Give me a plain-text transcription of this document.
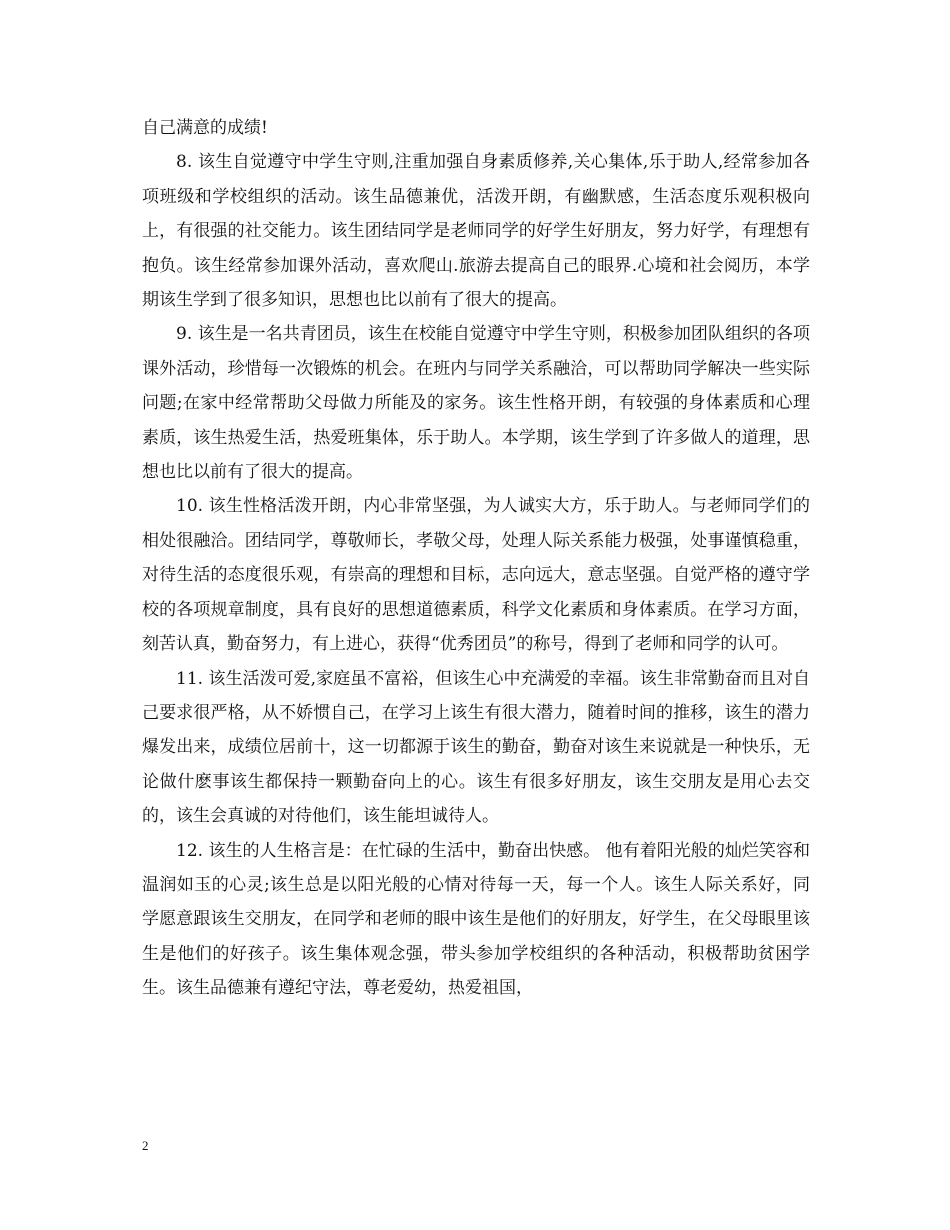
自己满意的成绩!

8. 该生自觉遵守中学生守则,注重加强自身素质修养,关心集体,乐于助人,经常参加各项班级和学校组织的活动。该生品德兼优，活泼开朗，有幽默感，生活态度乐观积极向上，有很强的社交能力。该生团结同学是老师同学的好学生好朋友，努力好学，有理想有抱负。该生经常参加课外活动，喜欢爬山.旅游去提高自己的眼界.心境和社会阅历，本学期该生学到了很多知识，思想也比以前有了很大的提高。

9. 该生是一名共青团员，该生在校能自觉遵守中学生守则，积极参加团队组织的各项课外活动，珍惜每一次锻炼的机会。在班内与同学关系融洽，可以帮助同学解决一些实际问题;在家中经常帮助父母做力所能及的家务。该生性格开朗，有较强的身体素质和心理素质，该生热爱生活，热爱班集体，乐于助人。本学期，该生学到了许多做人的道理，思想也比以前有了很大的提高。

10. 该生性格活泼开朗，内心非常坚强，为人诚实大方，乐于助人。与老师同学们的相处很融洽。团结同学，尊敬师长，孝敬父母，处理人际关系能力极强，处事谨慎稳重，对待生活的态度很乐观，有崇高的理想和目标，志向远大，意志坚强。自觉严格的遵守学校的各项规章制度，具有良好的思想道德素质，科学文化素质和身体素质。在学习方面，刻苦认真，勤奋努力，有上进心，获得“优秀团员”的称号，得到了老师和同学的认可。

11. 该生活泼可爱,家庭虽不富裕，但该生心中充满爱的幸福。该生非常勤奋而且对自己要求很严格，从不娇惯自己，在学习上该生有很大潜力，随着时间的推移，该生的潜力爆发出来，成绩位居前十，这一切都源于该生的勤奋，勤奋对该生来说就是一种快乐，无论做什麽事该生都保持一颗勤奋向上的心。该生有很多好朋友，该生交朋友是用心去交的，该生会真诚的对待他们，该生能坦诚待人。

12. 该生的人生格言是：在忙碌的生活中，勤奋出快感。 他有着阳光般的灿烂笑容和温润如玉的心灵;该生总是以阳光般的心情对待每一天，每一个人。该生人际关系好，同学愿意跟该生交朋友，在同学和老师的眼中该生是他们的好朋友，好学生，在父母眼里该生是他们的好孩子。该生集体观念强，带头参加学校组织的各种活动，积极帮助贫困学生。该生品德兼有遵纪守法，尊老爱幼，热爱祖国，

2
